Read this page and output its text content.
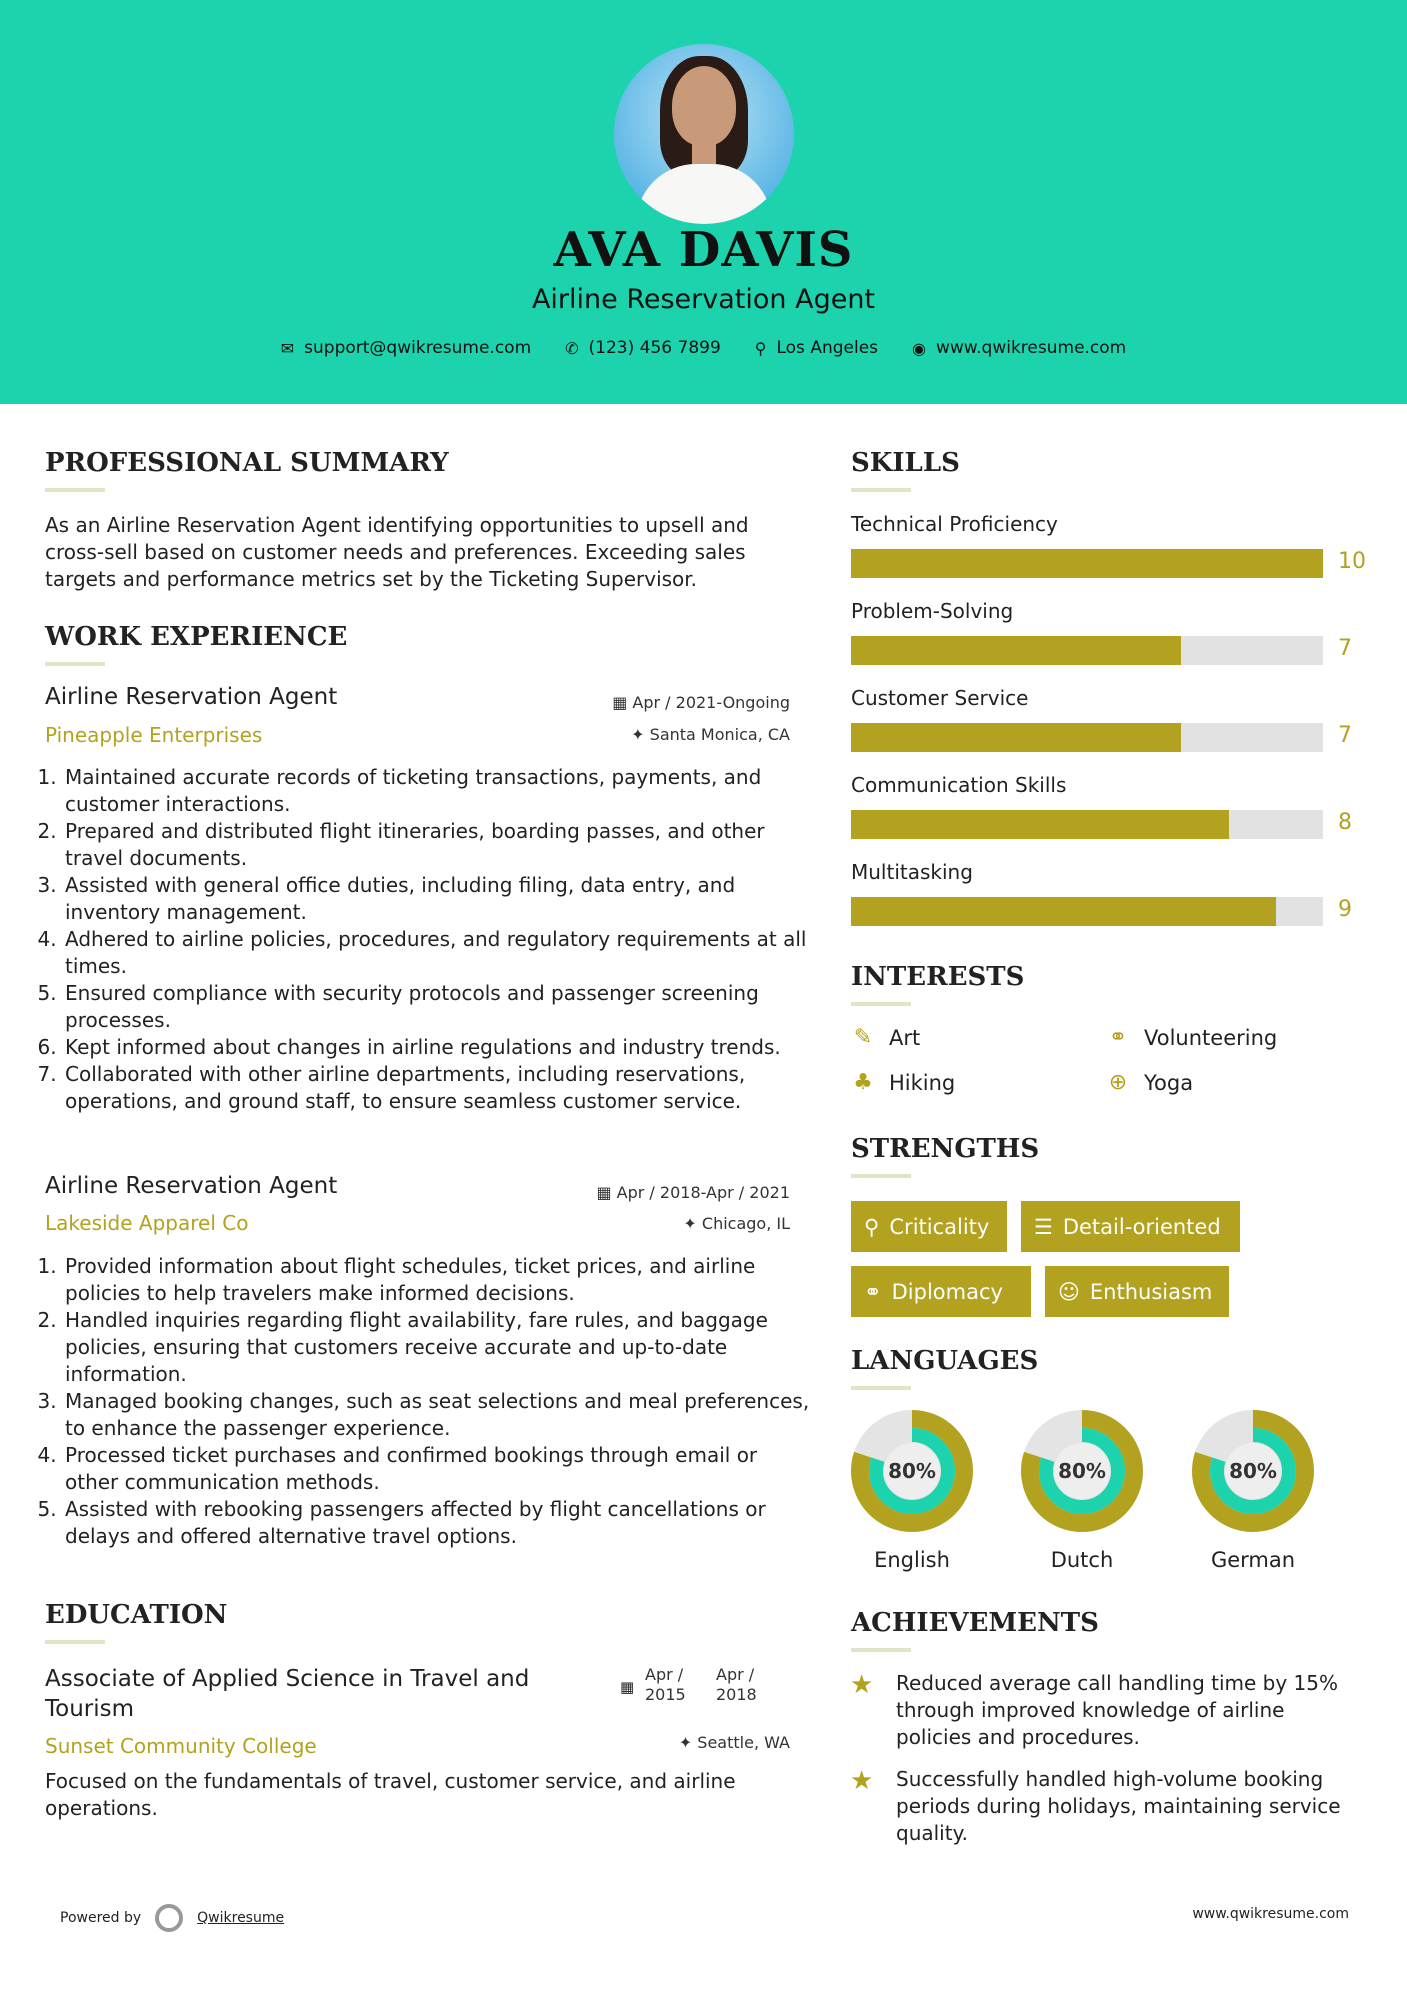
AVA DAVIS
Airline Reservation Agent
✉ support@qwikresume.com ✆ (123) 456 7899 ⚲ Los Angeles ◉ www.qwikresume.com
PROFESSIONAL SUMMARY
As an Airline Reservation Agent identifying opportunities to upsell and cross-sell based on customer needs and preferences. Exceeding sales targets and performance metrics set by the Ticketing Supervisor.
WORK EXPERIENCE
Airline Reservation Agent	▦ Apr / 2021-Ongoing
Pineapple Enterprises	✦ Santa Monica, CA
1. Maintained accurate records of ticketing transactions, payments, and customer interactions.
2. Prepared and distributed flight itineraries, boarding passes, and other travel documents.
3. Assisted with general office duties, including filing, data entry, and inventory management.
4. Adhered to airline policies, procedures, and regulatory requirements at all times.
5. Ensured compliance with security protocols and passenger screening processes.
6. Kept informed about changes in airline regulations and industry trends.
7. Collaborated with other airline departments, including reservations, operations, and ground staff, to ensure seamless customer service.
Airline Reservation Agent	▦ Apr / 2018-Apr / 2021
Lakeside Apparel Co	✦ Chicago, IL
1. Provided information about flight schedules, ticket prices, and airline policies to help travelers make informed decisions.
2. Handled inquiries regarding flight availability, fare rules, and baggage policies, ensuring that customers receive accurate and up-to-date information.
3. Managed booking changes, such as seat selections and meal preferences, to enhance the passenger experience.
4. Processed ticket purchases and confirmed bookings through email or other communication methods.
5. Assisted with rebooking passengers affected by flight cancellations or delays and offered alternative travel options.
EDUCATION
Associate of Applied Science in Travel and Tourism
▦
Apr / 2015
Apr / 2018
Sunset Community College	✦ Seattle, WA
Focused on the fundamentals of travel, customer service, and airline operations.
SKILLS
Technical Proficiency
10
Problem-Solving
7
Customer Service
7
Communication Skills
8
Multitasking
9
INTERESTS
✎ Art	⚭ Volunteering
♣ Hiking	⊕ Yoga
STRENGTHS
⚲ Criticality ☰ Detail-oriented
⚭ Diplomacy	☺ Enthusiasm
LANGUAGES
80%
English
80%
Dutch
80%
German
ACHIEVEMENTS
★ Reduced average call handling time by 15% through improved knowledge of airline policies and procedures.
★ Successfully handled high-volume booking periods during holidays, maintaining service quality.
Powered by	Qwikresume	www.qwikresume.com
